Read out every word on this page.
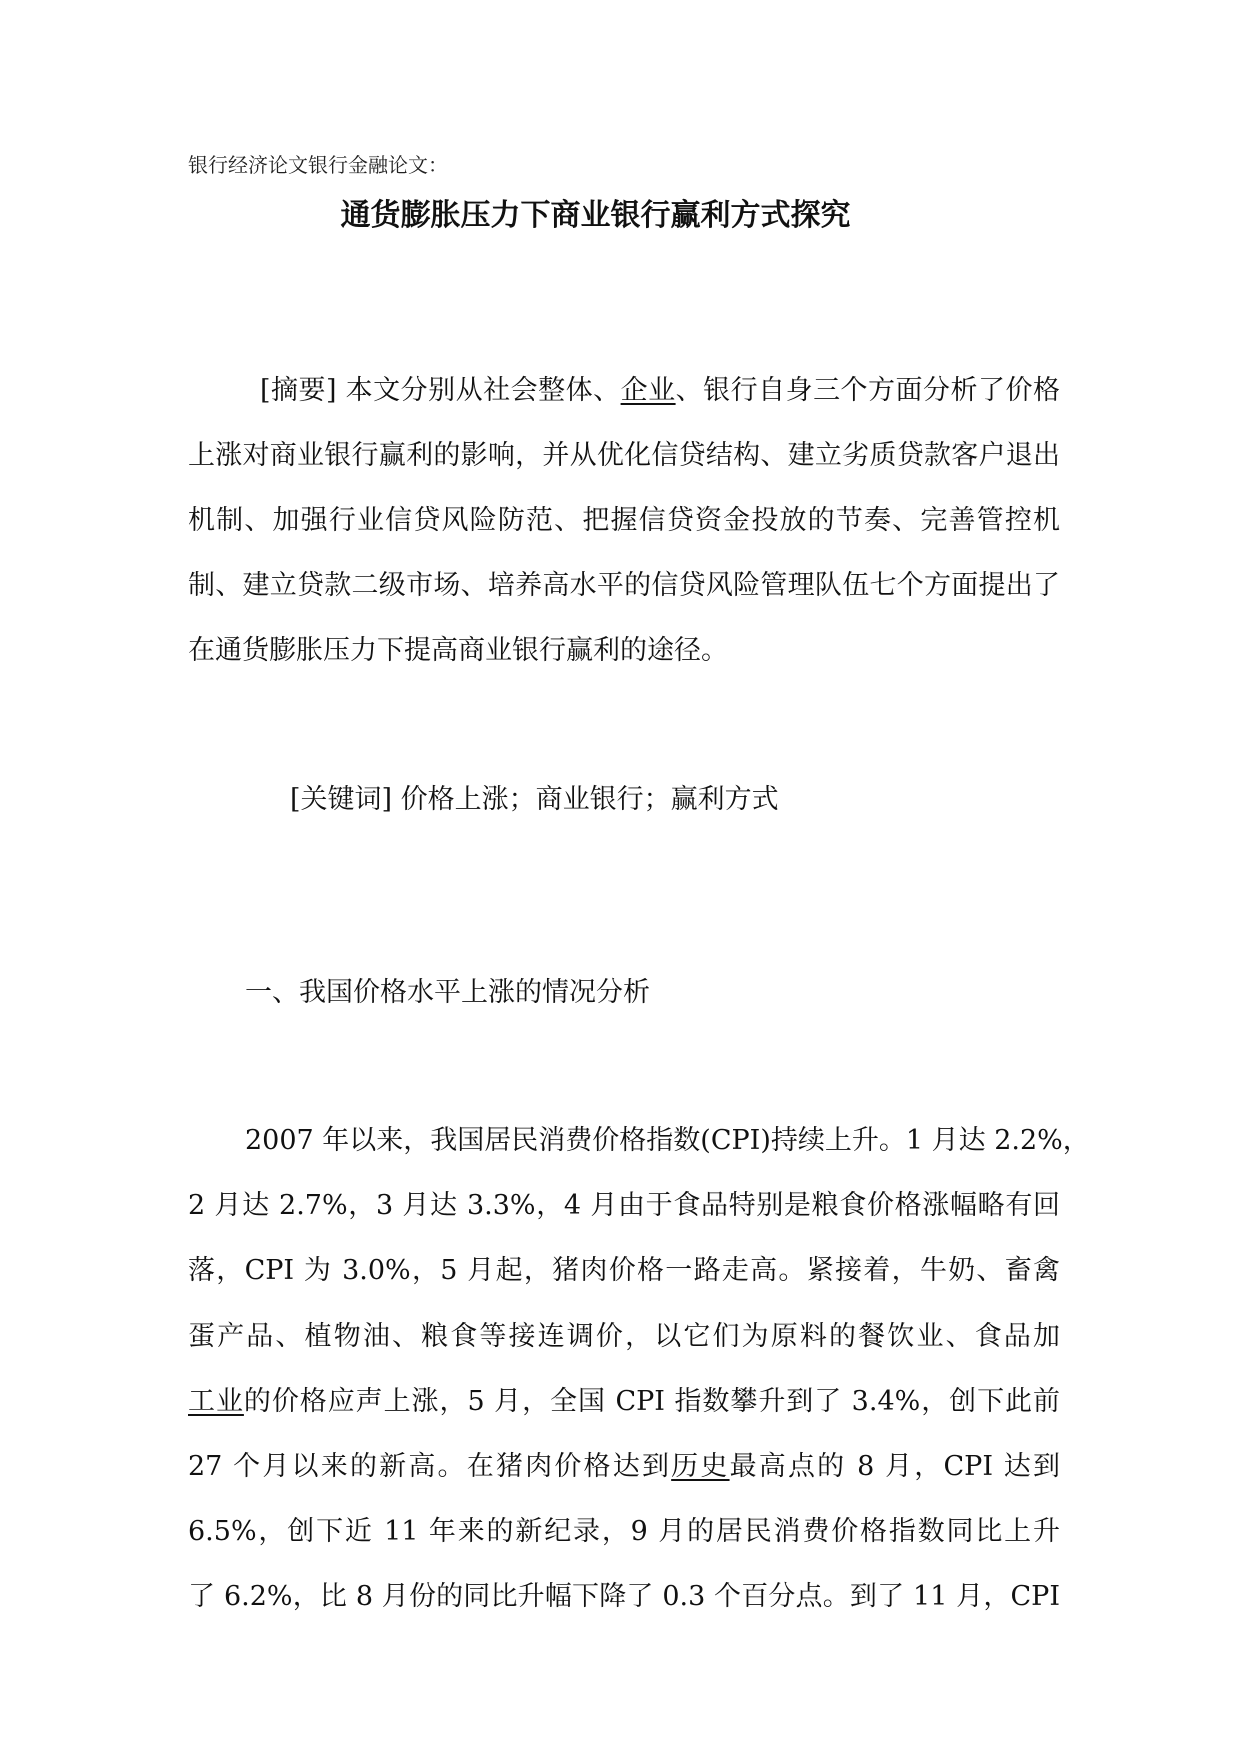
银行经济论文银行金融论文：
通货膨胀压力下商业银行赢利方式探究
[摘要] 本文分别从社会整体、企业、银行自身三个方面分析了价格上涨对商业银行赢利的影响，并从优化信贷结构、建立劣质贷款客户退出机制、加强行业信贷风险防范、把握信贷资金投放的节奏、完善管控机制、建立贷款二级市场、培养高水平的信贷风险管理队伍七个方面提出了在通货膨胀压力下提高商业银行赢利的途径。
[关键词] 价格上涨；商业银行；赢利方式
一、我国价格水平上涨的情况分析
2007 年以来，我国居民消费价格指数(CPI)持续上升。1 月达 2.2%，
2 月达 2.7%，3 月达 3.3%，4 月由于食品特别是粮食价格涨幅略有回
落，CPI 为 3.0%，5 月起，猪肉价格一路走高。紧接着，牛奶、畜禽
蛋产品、植物油、粮食等接连调价，以它们为原料的餐饮业、食品加
工业的价格应声上涨，5 月，全国 CPI 指数攀升到了 3.4%，创下此前
27 个月以来的新高。在猪肉价格达到历史最高点的 8 月，CPI 达到
6.5%，创下近 11 年来的新纪录，9 月的居民消费价格指数同比上升
了 6.2%，比 8 月份的同比升幅下降了 0.3 个百分点。到了 11 月，CPI
